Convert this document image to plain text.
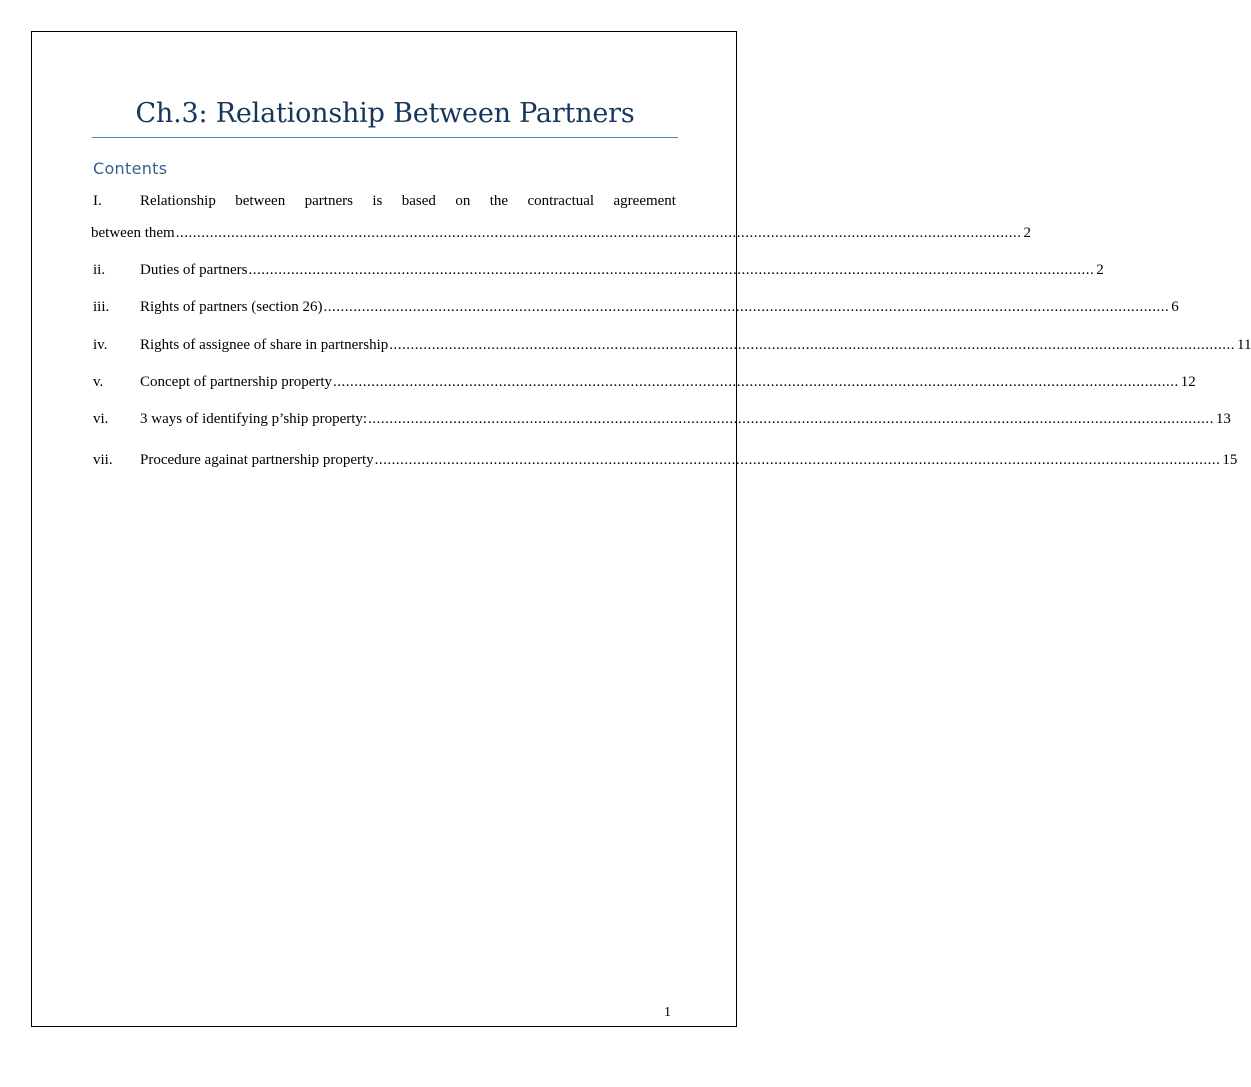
Ch.3: Relationship Between Partners
Contents
I.	Relationship between partners is based on the contractual agreement
between them ....................................................................................................................................................................................................... 2
ii.	Duties of partners ....................................................................................................................................................................................................... 2
iii.	Rights of partners (section 26) ....................................................................................................................................................................................................... 6
iv.	Rights of assignee of share in partnership ....................................................................................................................................................................................................... 11
v.	Concept of partnership property ....................................................................................................................................................................................................... 12
vi.	3 ways of identifying p’ship property: ....................................................................................................................................................................................................... 13
vii.	Procedure againat partnership property ....................................................................................................................................................................................................... 15
1
